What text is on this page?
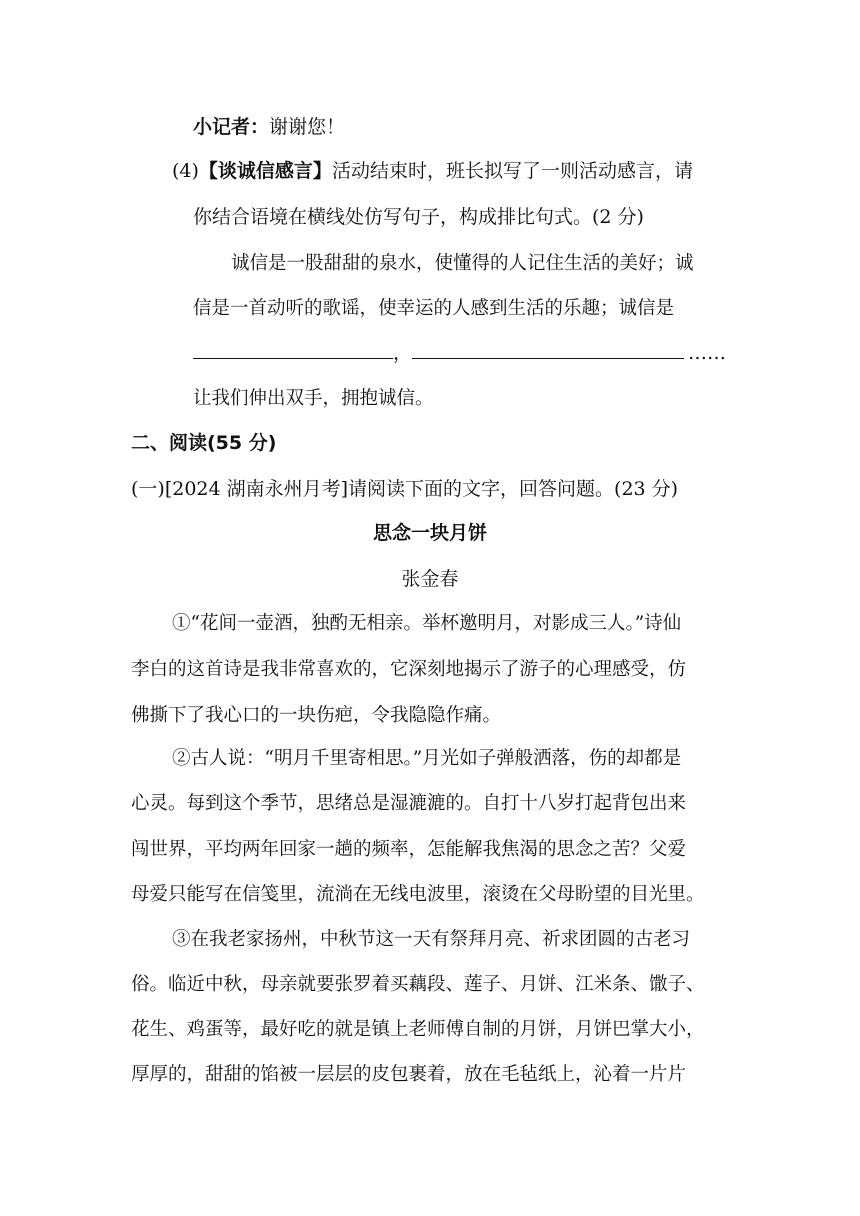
小记者：谢谢您！
(4)【谈诚信感言】活动结束时，班长拟写了一则活动感言，请
你结合语境在横线处仿写句子，构成排比句式。(2 分)
诚信是一股甜甜的泉水，使懂得的人记住生活的美好；诚
信是一首动听的歌谣，使幸运的人感到生活的乐趣；诚信是
，	……
让我们伸出双手，拥抱诚信。
二、阅读(55 分)
(一)[2024 湖南永州月考]请阅读下面的文字，回答问题。(23 分)
思念一块月饼
张金春
①“花间一壶酒，独酌无相亲。举杯邀明月，对影成三人。”诗仙
李白的这首诗是我非常喜欢的，它深刻地揭示了游子的心理感受，仿
佛撕下了我心口的一块伤疤，令我隐隐作痛。
②古人说：“明月千里寄相思。”月光如子弹般洒落，伤的却都是
心灵。每到这个季节，思绪总是湿漉漉的。自打十八岁打起背包出来
闯世界，平均两年回家一趟的频率，怎能解我焦渴的思念之苦？父爱
母爱只能写在信笺里，流淌在无线电波里，滚烫在父母盼望的目光里。
③在我老家扬州，中秋节这一天有祭拜月亮、祈求团圆的古老习
俗。临近中秋，母亲就要张罗着买藕段、莲子、月饼、江米条、馓子、
花生、鸡蛋等，最好吃的就是镇上老师傅自制的月饼，月饼巴掌大小，
厚厚的，甜甜的馅被一层层的皮包裹着，放在毛毡纸上，沁着一片片
